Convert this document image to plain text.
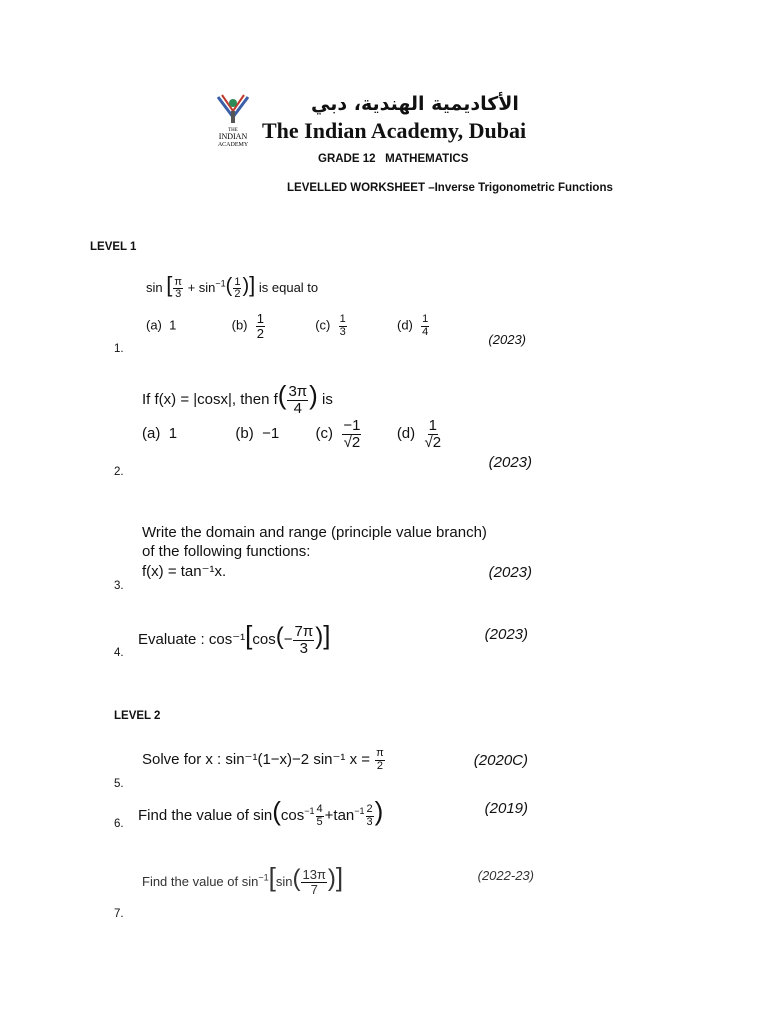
THE
INDIAN
ACADEMY
الأكاديمية الهندية، دبي
The Indian Academy, Dubai
GRADE 12   MATHEMATICS
LEVELLED WORKSHEET –Inverse Trigonometric Functions
LEVEL 1
1.
sin [ $\frac{\pi}{3} + \sin^{-1}( \frac{1}{2}$ )] is equal to
(a) 1	$(b) \frac{1}{2}$	$(c) \frac{1}{3}$	$(d) \frac{1}{4}$
(2023)
2.
If f(x) = |cosx|, then $f( \frac{3\pi}{4}$ ) is
(a) 1	(b) −1 $(c) \frac{-1}{√2} (d) \frac{1}{√2}$
(2023)
3.
Write the domain and range (principle value branch)
of the following functions:
f(x) = tan⁻¹x.	(2023)
4.
Evaluate : $\cos^{-1}[\cos(- \frac{7\pi}{3}$ )]	(2023)
LEVEL 2
5.
Solve for x : sin⁻¹(1−x)−2 sin⁻¹ $x = \frac{\pi}{2}$	(2020C)
6. Find the value of $\sin(\cos^{-1} \frac{4}{5} +\tan^{-1} \frac{2}{3}$ )	(2019)
7.
Find the value of $\sin^{-1}[\sin( \frac{13\pi}{7}$ )]	(2022-23)
